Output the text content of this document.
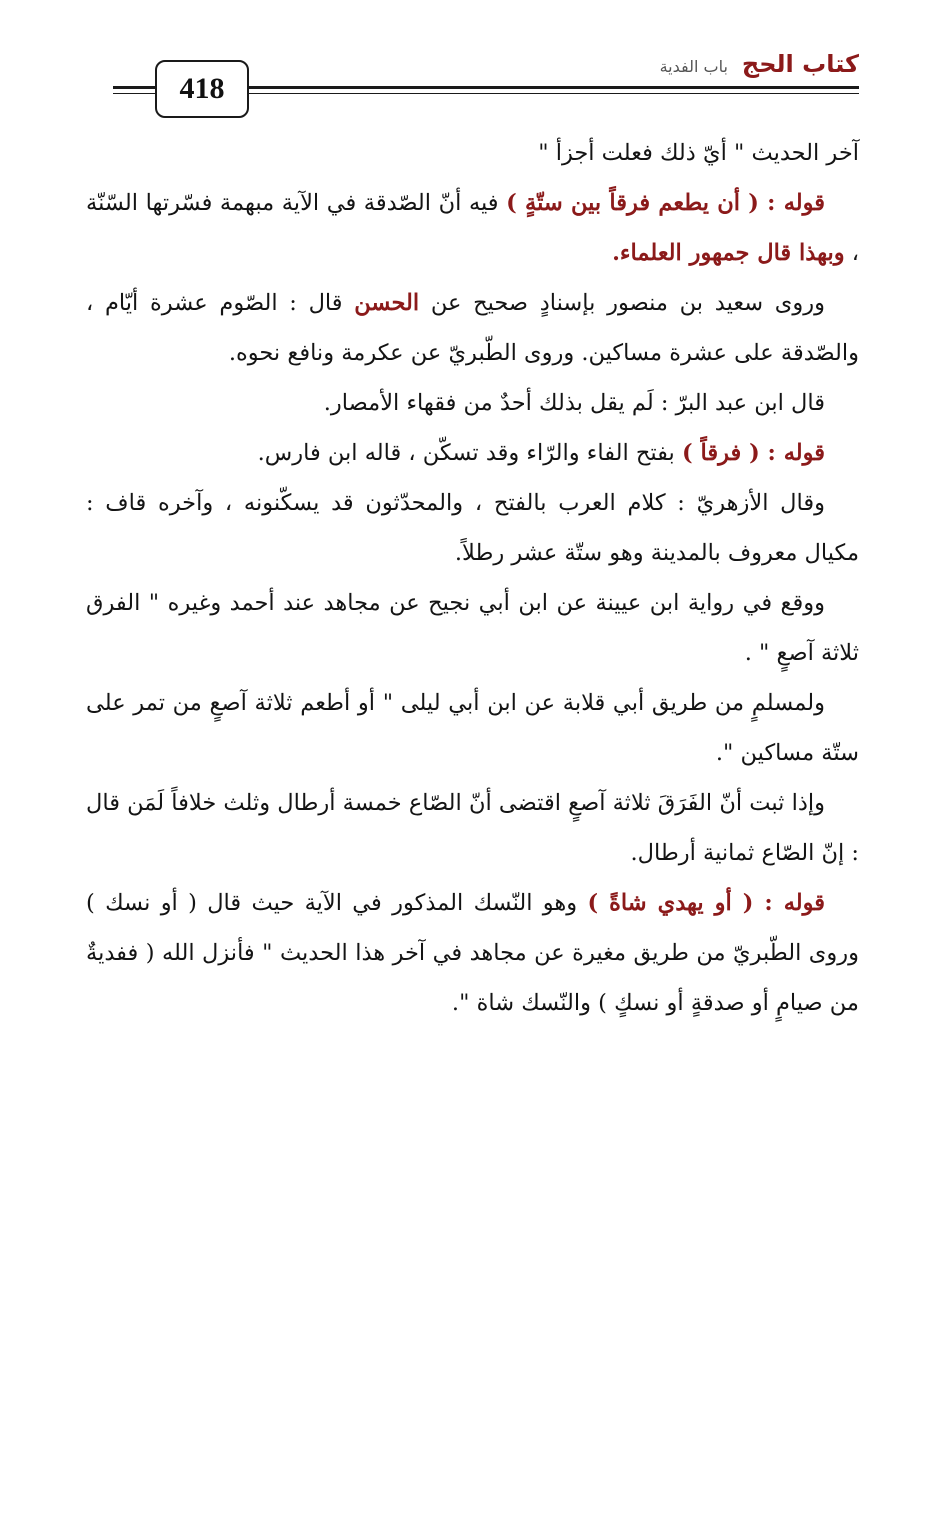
418
كتاب الحج
باب الفدية

آخر الحديث " أيّ ذلك فعلت أجزأ "

قوله : ( أن يطعم فرقاً بين ستّةٍ ) فيه أنّ الصّدقة في الآية مبهمة فسّرتها السّنّة ، وبهذا قال جمهور العلماء.

وروى سعيد بن منصور بإسنادٍ صحيح عن الحسن قال : الصّوم عشرة أيّام ، والصّدقة على عشرة مساكين. وروى الطّبريّ عن عكرمة ونافع نحوه.

قال ابن عبد البرّ : لَم يقل بذلك أحدٌ من فقهاء الأمصار.

قوله : ( فرقاً ) بفتح الفاء والرّاء وقد تسكّن ، قاله ابن فارس.

وقال الأزهريّ : كلام العرب بالفتح ، والمحدّثون قد يسكّنونه ، وآخره قاف : مكيال معروف بالمدينة وهو ستّة عشر رطلاً.

ووقع في رواية ابن عيينة عن ابن أبي نجيح عن مجاهد عند أحمد وغيره " الفرق ثلاثة آصعٍ " .

ولمسلمٍ من طريق أبي قلابة عن ابن أبي ليلى " أو أطعم ثلاثة آصعٍ من تمر على ستّة مساكين ".

وإذا ثبت أنّ الفَرَقَ ثلاثة آصعٍ اقتضى أنّ الصّاع خمسة أرطال وثلث خلافاً لَمَن قال : إنّ الصّاع ثمانية أرطال.

قوله : ( أو يهدي شاةً ) وهو النّسك المذكور في الآية حيث قال ( أو نسك ) وروى الطّبريّ من طريق مغيرة عن مجاهد في آخر هذا الحديث " فأنزل الله ( ففديةٌ من صيامٍ أو صدقةٍ أو نسكٍ ) والنّسك شاة ".
